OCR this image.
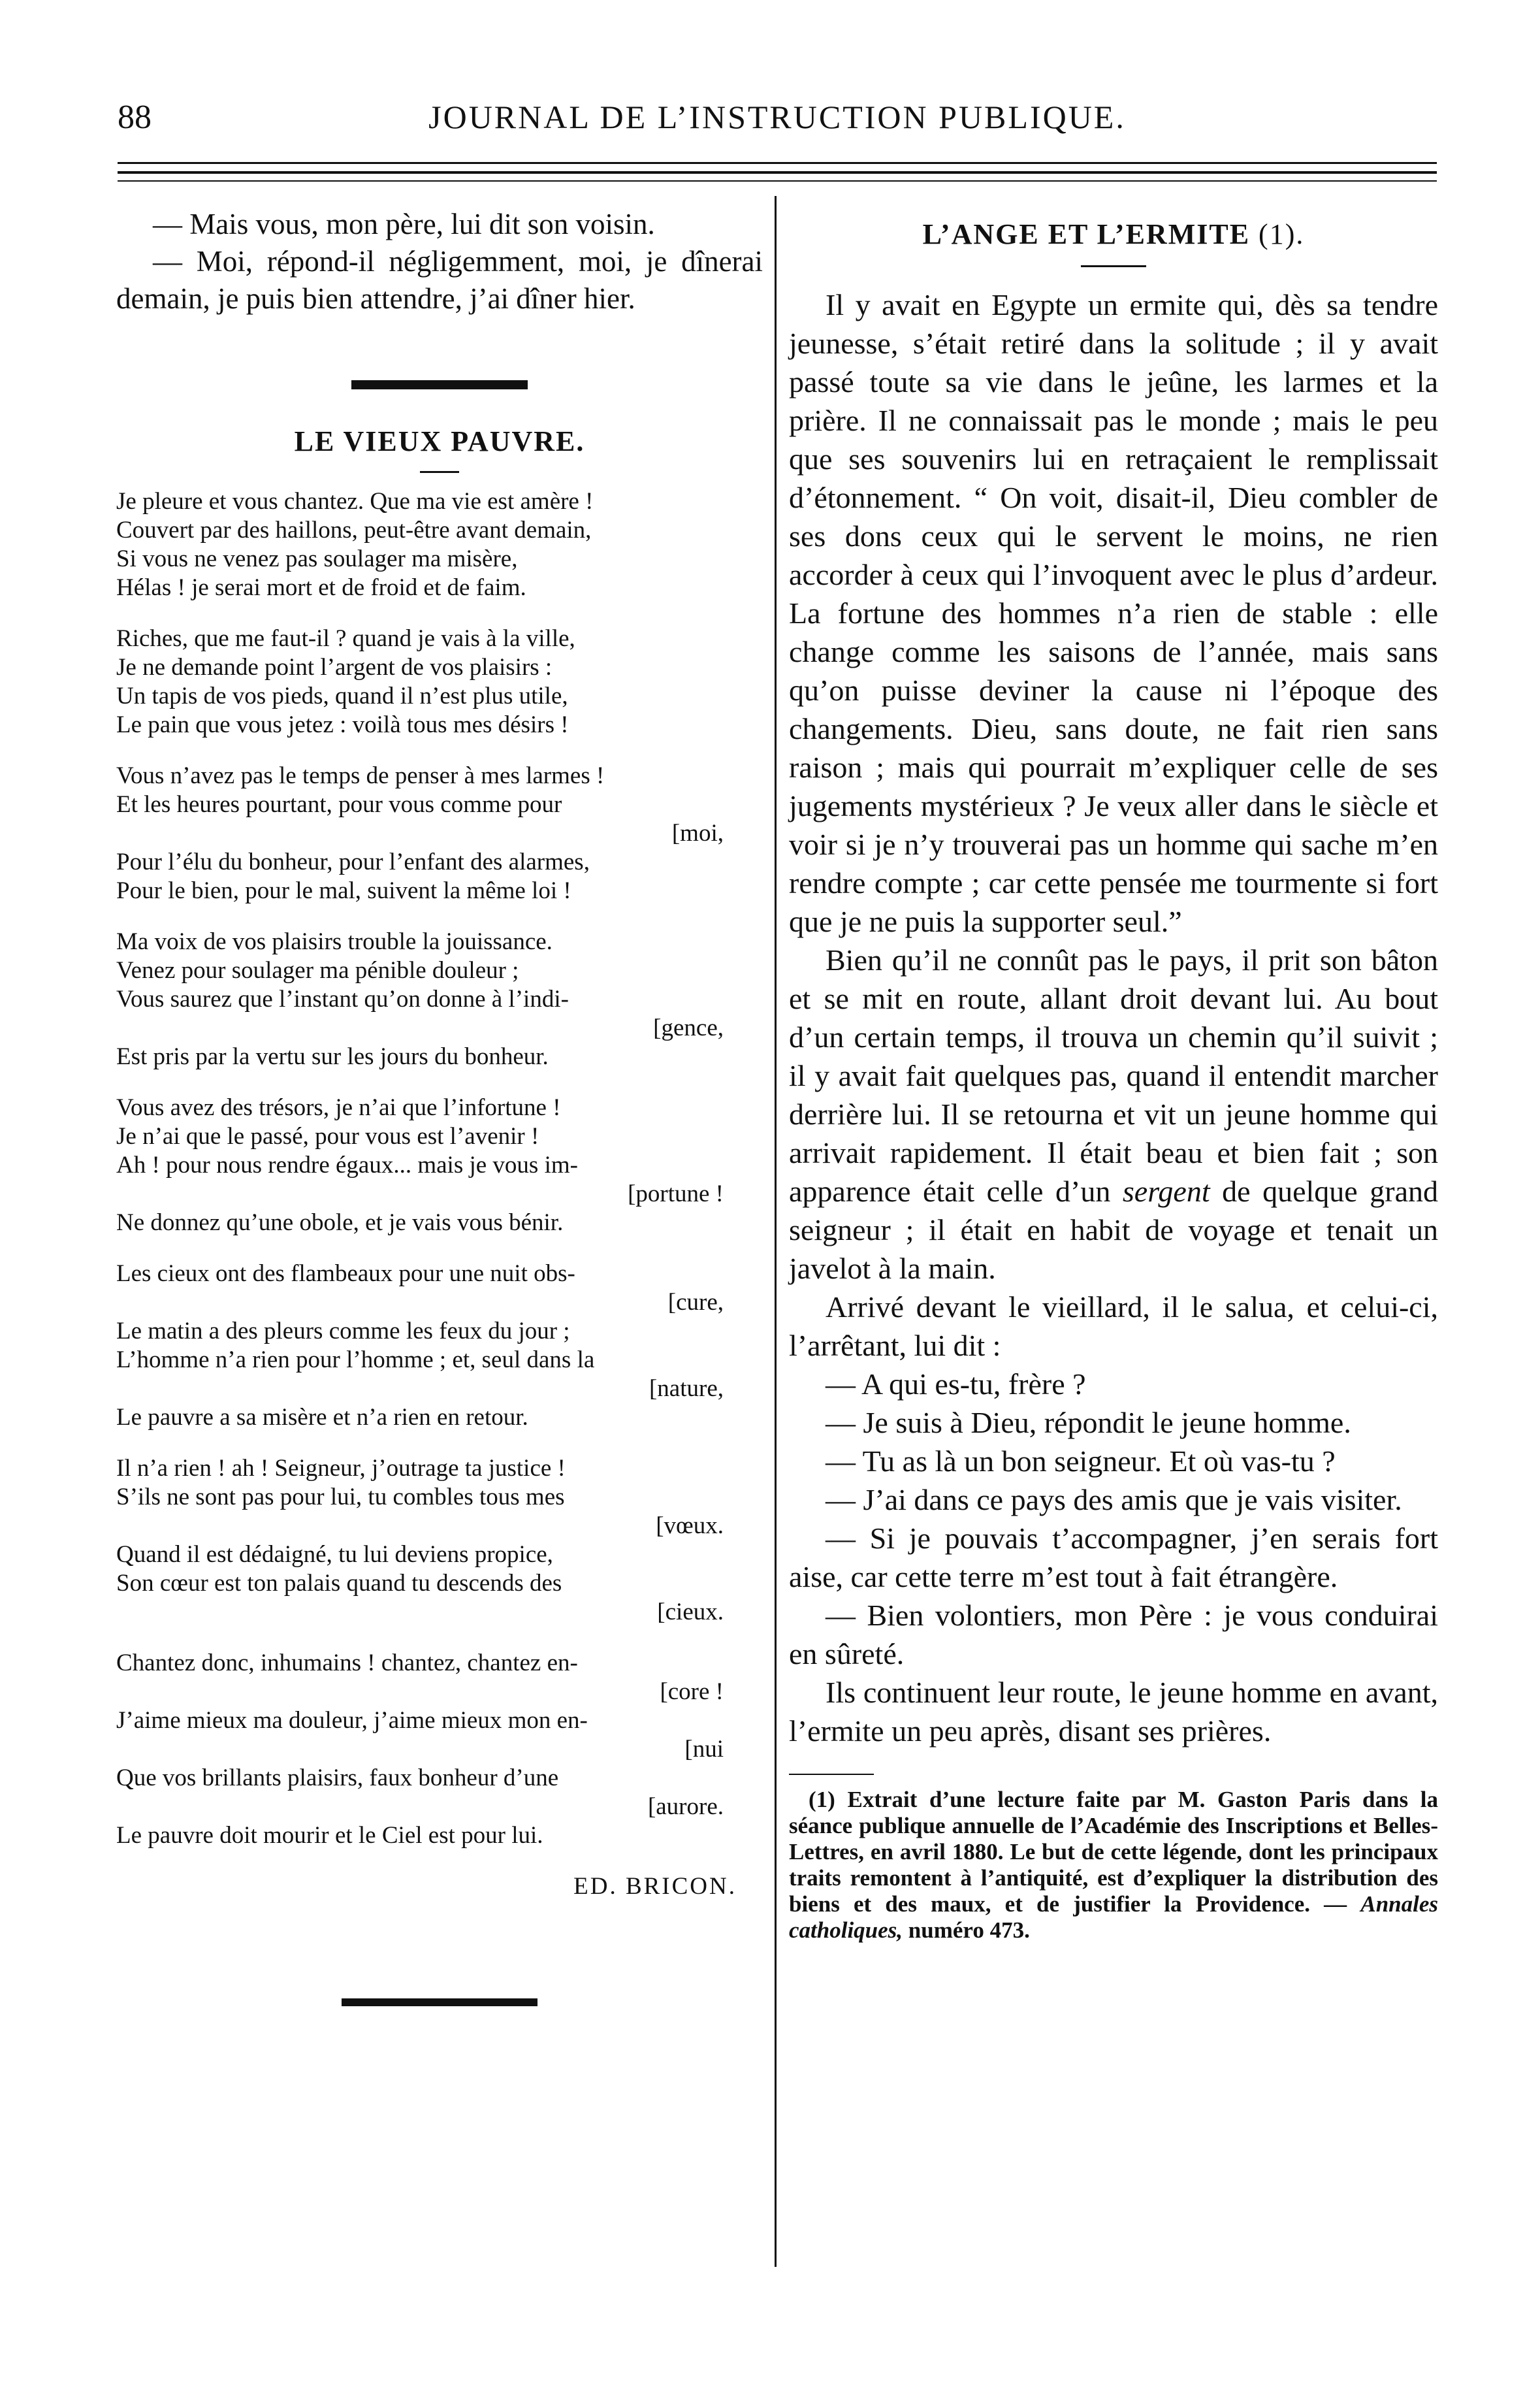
88	JOURNAL DE L’INSTRUCTION PUBLIQUE.

— Mais vous, mon père, lui dit son voisin.

— Moi, répond-il négligemment, moi, je dînerai demain, je puis bien attendre, j’ai dîner hier.

LE VIEUX PAUVRE.
Je pleure et vous chantez. Que ma vie est amère !
Couvert par des haillons, peut-être avant demain,
Si vous ne venez pas soulager ma misère,
Hélas ! je serai mort et de froid et de faim.
Riches, que me faut-il ? quand je vais à la ville,
Je ne demande point l’argent de vos plaisirs :
Un tapis de vos pieds, quand il n’est plus utile,
Le pain que vous jetez : voilà tous mes désirs !
Vous n’avez pas le temps de penser à mes larmes !
Et les heures pourtant, pour vous comme pour
[moi,
Pour l’élu du bonheur, pour l’enfant des alarmes,
Pour le bien, pour le mal, suivent la même loi !
Ma voix de vos plaisirs trouble la jouissance.
Venez pour soulager ma pénible douleur ;
Vous saurez que l’instant qu’on donne à l’indi-
[gence,
Est pris par la vertu sur les jours du bonheur.
Vous avez des trésors, je n’ai que l’infortune !
Je n’ai que le passé, pour vous est l’avenir !
Ah ! pour nous rendre égaux... mais je vous im-
[portune !
Ne donnez qu’une obole, et je vais vous bénir.
Les cieux ont des flambeaux pour une nuit obs-
[cure,
Le matin a des pleurs comme les feux du jour ;
L’homme n’a rien pour l’homme ; et, seul dans la
[nature,
Le pauvre a sa misère et n’a rien en retour.
Il n’a rien ! ah ! Seigneur, j’outrage ta justice !
S’ils ne sont pas pour lui, tu combles tous mes
[vœux.
Quand il est dédaigné, tu lui deviens propice,
Son cœur est ton palais quand tu descends des
[cieux.
Chantez donc, inhumains ! chantez, chantez en-
[core !
J’aime mieux ma douleur, j’aime mieux mon en-
[nui
Que vos brillants plaisirs, faux bonheur d’une
[aurore.
Le pauvre doit mourir et le Ciel est pour lui.
ED. BRICON.
L’ANGE ET L’ERMITE (1).

Il y avait en Egypte un ermite qui, dès sa tendre jeunesse, s’était retiré dans la solitude ; il y avait passé toute sa vie dans le jeûne, les larmes et la prière. Il ne connaissait pas le monde ; mais le peu que ses souvenirs lui en retraçaient le remplissait d’étonnement. “ On voit, disait-il, Dieu combler de ses dons ceux qui le servent le moins, ne rien accorder à ceux qui l’invoquent avec le plus d’ardeur. La fortune des hommes n’a rien de stable : elle change comme les saisons de l’année, mais sans qu’on puisse deviner la cause ni l’époque des changements. Dieu, sans doute, ne fait rien sans raison ; mais qui pourrait m’expliquer celle de ses jugements mystérieux ? Je veux aller dans le siècle et voir si je n’y trouverai pas un homme qui sache m’en rendre compte ; car cette pensée me tourmente si fort que je ne puis la supporter seul.”

Bien qu’il ne connût pas le pays, il prit son bâton et se mit en route, allant droit devant lui. Au bout d’un certain temps, il trouva un chemin qu’il suivit ; il y avait fait quelques pas, quand il entendit marcher derrière lui. Il se retourna et vit un jeune homme qui arrivait rapidement. Il était beau et bien fait ; son apparence était celle d’un sergent de quelque grand seigneur ; il était en habit de voyage et tenait un javelot à la main.

Arrivé devant le vieillard, il le salua, et celui-ci, l’arrêtant, lui dit :

— A qui es-tu, frère ?

— Je suis à Dieu, répondit le jeune homme.

— Tu as là un bon seigneur. Et où vas-tu ?

— J’ai dans ce pays des amis que je vais visiter.

— Si je pouvais t’accompagner, j’en serais fort aise, car cette terre m’est tout à fait étrangère.

— Bien volontiers, mon Père : je vous conduirai en sûreté.

Ils continuent leur route, le jeune homme en avant, l’ermite un peu après, disant ses prières.

(1) Extrait d’une lecture faite par M. Gaston Paris dans la séance publique annuelle de l’Académie des Inscriptions et Belles-Lettres, en avril 1880. Le but de cette légende, dont les principaux traits remontent à l’antiquité, est d’expliquer la distribution des biens et des maux, et de justifier la Providence. — Annales catholiques, numéro 473.
